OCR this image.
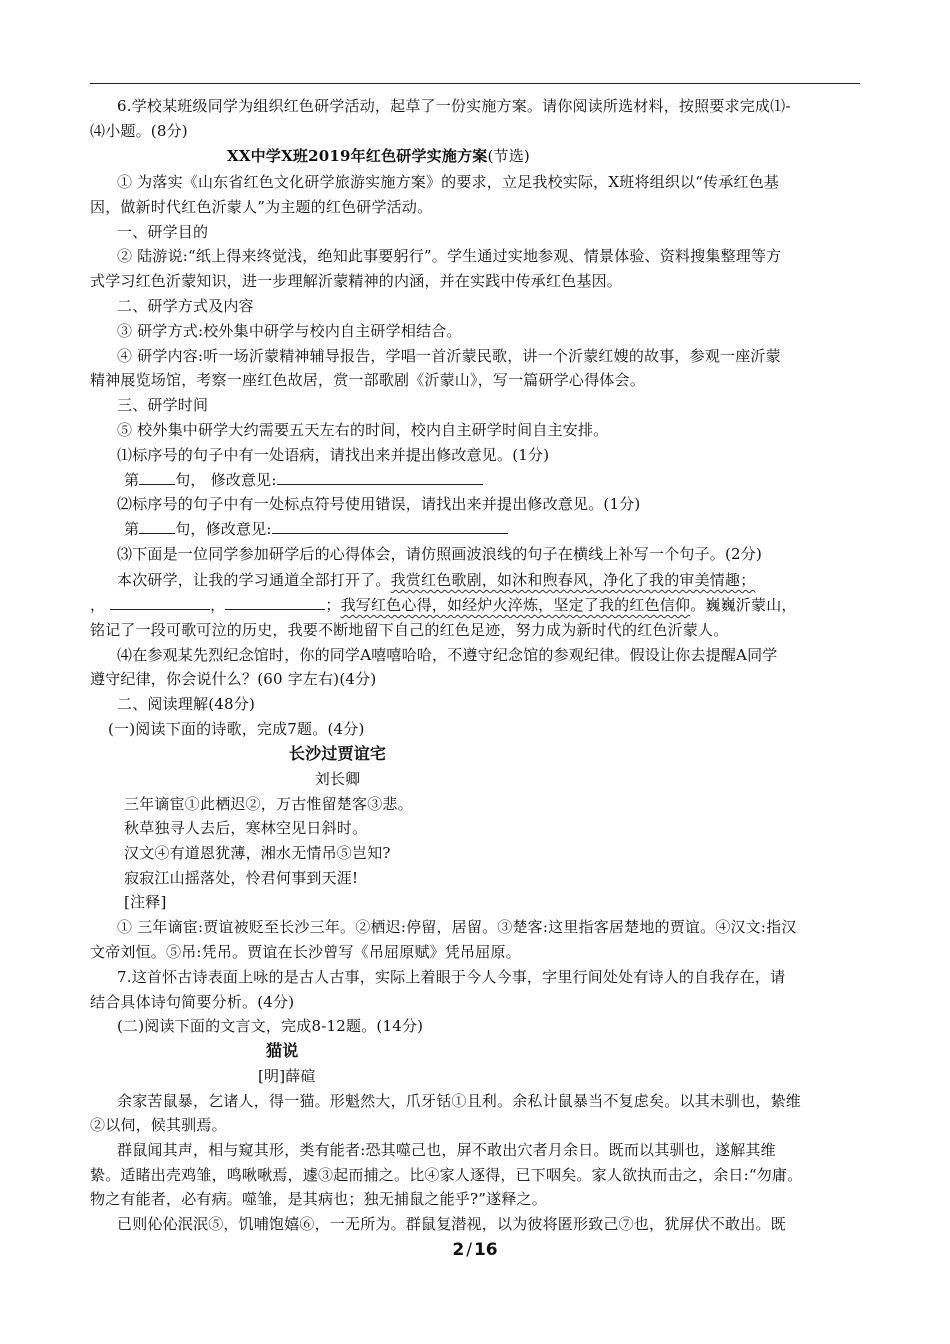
6.学校某班级同学为组织红色研学活动，起草了一份实施方案。请你阅读所选材料，按照要求完成⑴-
⑷小题。(8分)
XX中学X班2019年红色研学实施方案(节选)
① 为落实《山东省红色文化研学旅游实施方案》的要求，立足我校实际，X班将组织以“传承红色基
因，做新时代红色沂蒙人”为主题的红色研学活动。
一、研学目的
② 陆游说:“纸上得来终觉浅，绝知此事要躬行”。学生通过实地参观、情景体验、资料搜集整理等方
式学习红色沂蒙知识，进一步理解沂蒙精神的内涵，并在实践中传承红色基因。
二、研学方式及内容
③ 研学方式:校外集中研学与校内自主研学相结合。
④ 研学内容:听一场沂蒙精神辅导报告，学唱一首沂蒙民歌，讲一个沂蒙红嫂的故事，参观一座沂蒙
精神展览场馆，考察一座红色故居，赏一部歌剧《沂蒙山》，写一篇研学心得体会。
三、研学时间
⑤ 校外集中研学大约需要五天左右的时间，校内自主研学时间自主安排。
⑴标序号的句子中有一处语病，请找出来并提出修改意见。(1分)
第 句， 修改意见:
⑵标序号的句子中有一处标点符号使用错误，请找出来并提出修改意见。(1分)
第 句，修改意见:
⑶下面是一位同学参加研学后的心得体会，请仿照画波浪线的句子在横线上补写一个句子。(2分)
本次研学，让我的学习通道全部打开了。我赏红色歌剧，如沐和煦春风，净化了我的审美情趣；
，	，	；我写红色心得，如经炉火淬炼，坚定了我的红色信仰。巍巍沂蒙山，
铭记了一段可歌可泣的历史，我要不断地留下自己的红色足迹，努力成为新时代的红色沂蒙人。
⑷在参观某先烈纪念馆时，你的同学A嘻嘻哈哈，不遵守纪念馆的参观纪律。假设让你去提醒A同学
遵守纪律，你会说什么？(60 字左右)(4分)
二、阅读理解(48分)
(一)阅读下面的诗歌，完成7题。(4分)
长沙过贾谊宅
刘长卿
三年谪宦①此栖迟②，万古惟留楚客③悲。
秋草独寻人去后，寒林空见日斜时。
汉文④有道恩犹薄，湘水无情吊⑤岂知?
寂寂江山摇落处，怜君何事到天涯!
[注释]
① 三年谪宦:贾谊被贬至长沙三年。②栖迟:停留，居留。③楚客:这里指客居楚地的贾谊。④汉文:指汉
文帝刘恒。⑤吊:凭吊。贾谊在长沙曾写《吊屈原赋》凭吊屈原。
7.这首怀古诗表面上咏的是古人古事，实际上着眼于今人今事，字里行间处处有诗人的自我存在，请
结合具体诗句简要分析。(4分)
(二)阅读下面的文言文，完成8-12题。(14分)
猫说
[明]薛碹
余家苦鼠暴，乞诸人，得一猫。形魁然大，爪牙铦①且利。余私计鼠暴当不复虑矣。以其未驯也，絷维
②以伺，候其驯焉。
群鼠闻其声，相与窥其形，类有能者:恐其噬己也，屏不敢出穴者月余日。既而以其驯也，遂解其维
絷。适睹出壳鸡雏，鸣啾啾焉，遽③起而捕之。比④家人逐得，已下咽矣。家人欲执而击之，余日:“勿庸。
物之有能者，必有病。噬雏，是其病也；独无捕鼠之能乎?”遂释之。
已则伈伈泯泯⑤，饥哺饱嬉⑥，一无所为。群鼠复潜视，以为彼将匿形致己⑦也，犹屏伏不敢出。既
2 / 16
